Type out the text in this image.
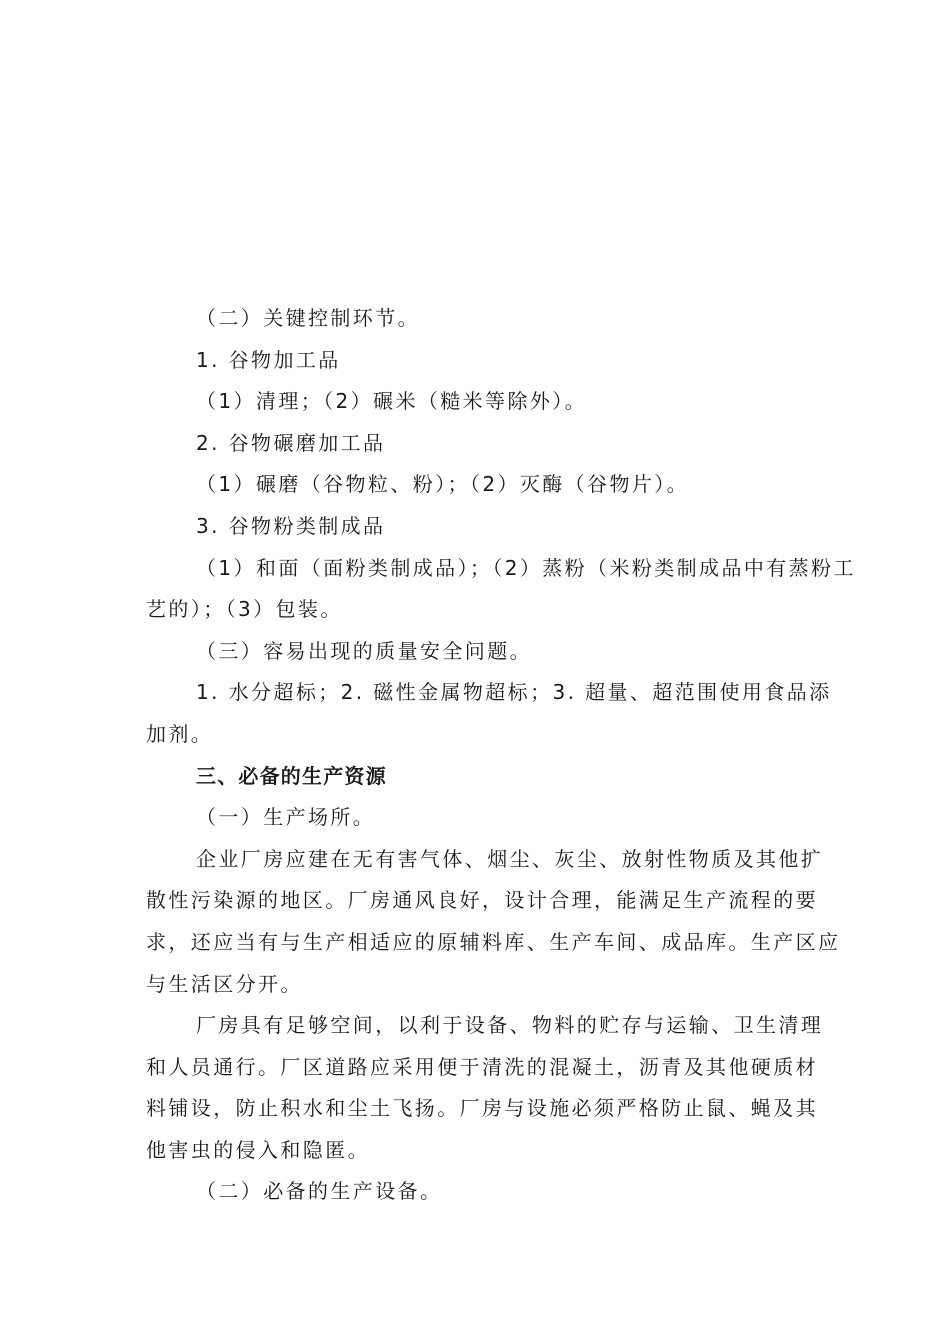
（二）关键控制环节。
1. 谷物加工品
（1）清理；（2）碾米（糙米等除外）。
2. 谷物碾磨加工品
（1）碾磨（谷物粒、粉）；（2）灭酶（谷物片）。
3. 谷物粉类制成品
（1）和面（面粉类制成品）；（2）蒸粉（米粉类制成品中有蒸粉工
艺的）；（3）包装。
（三）容易出现的质量安全问题。
1. 水分超标；2. 磁性金属物超标；3. 超量、超范围使用食品添
加剂。
三、必备的生产资源
（一）生产场所。
企业厂房应建在无有害气体、烟尘、灰尘、放射性物质及其他扩
散性污染源的地区。厂房通风良好，设计合理，能满足生产流程的要
求，还应当有与生产相适应的原辅料库、生产车间、成品库。生产区应
与生活区分开。
厂房具有足够空间，以利于设备、物料的贮存与运输、卫生清理
和人员通行。厂区道路应采用便于清洗的混凝土，沥青及其他硬质材
料铺设，防止积水和尘土飞扬。厂房与设施必须严格防止鼠、蝇及其
他害虫的侵入和隐匿。
（二）必备的生产设备。
